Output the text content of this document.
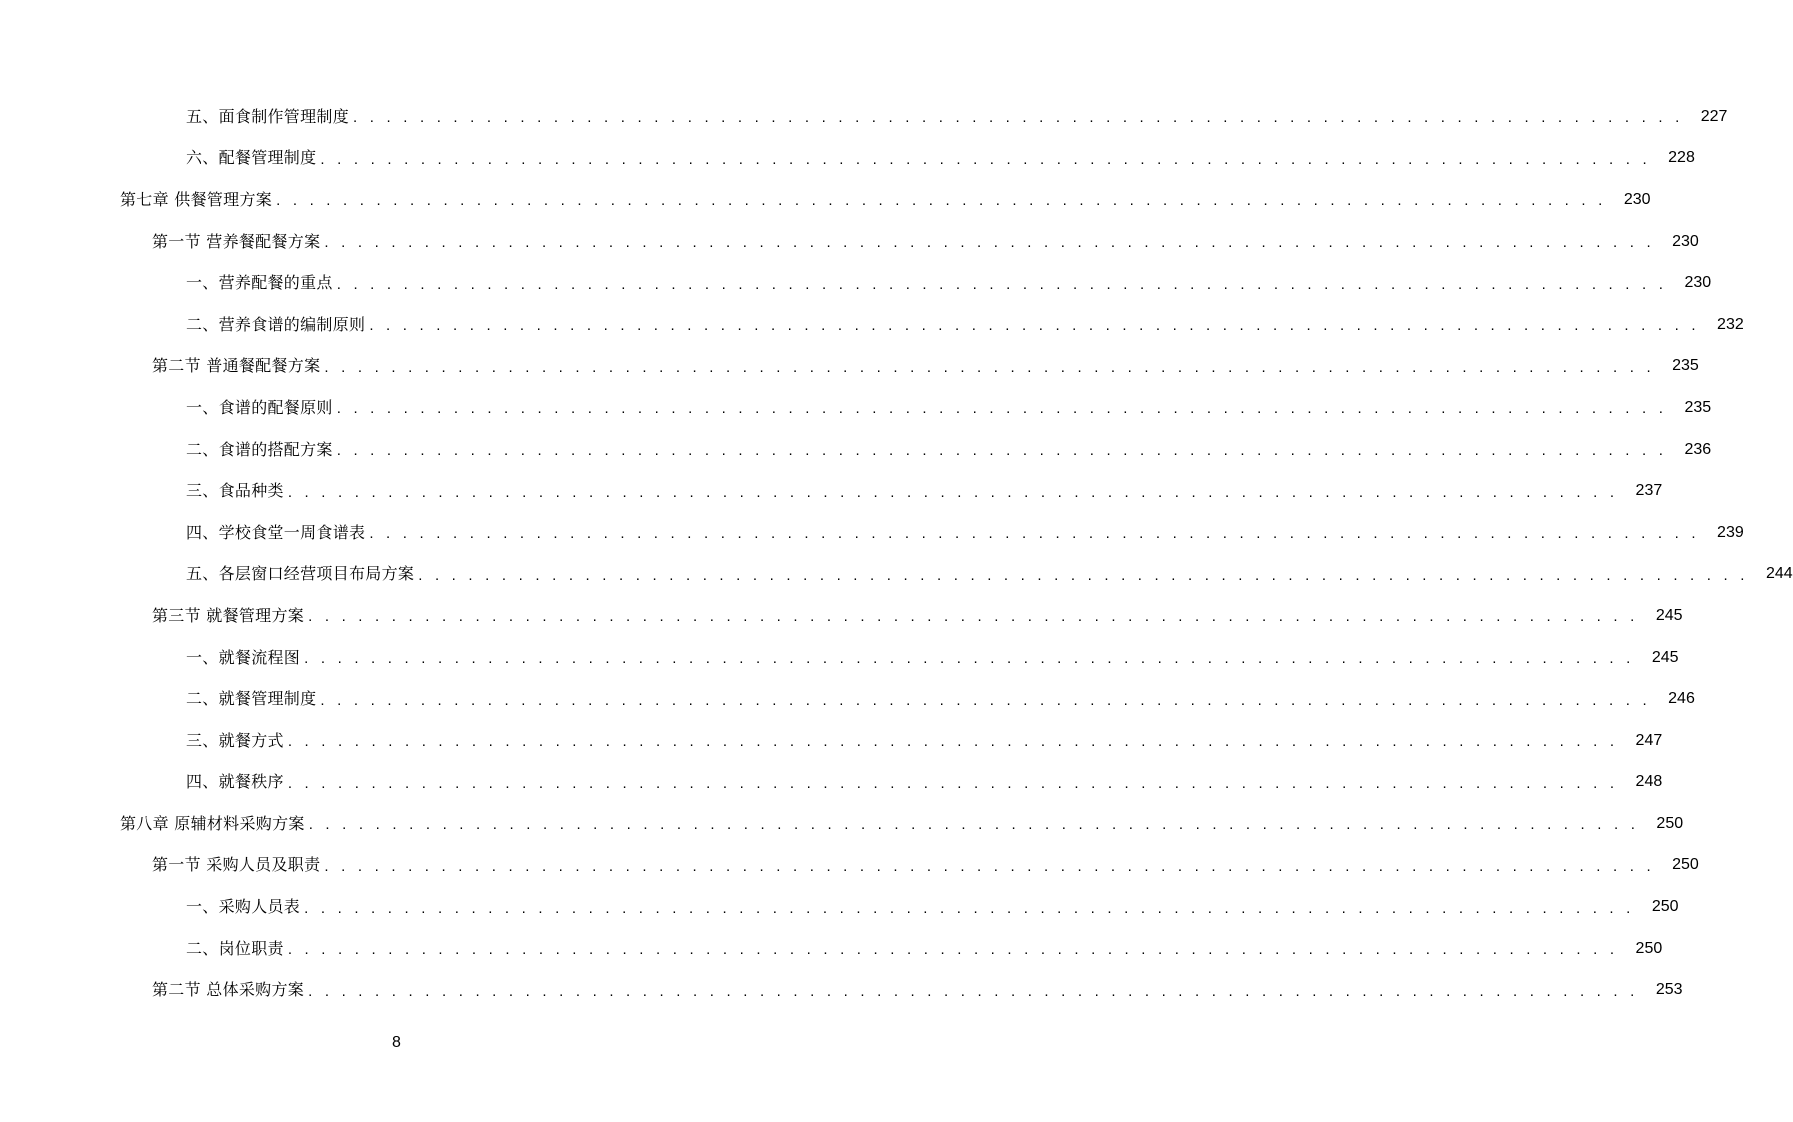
五、面食制作管理制度 . . . . . . . . . . . . . . . . . . . . . . . . . . . . . . . . . . . . . . . . . . . . . . . . . . . . . . . . . . . . . . . . . . . . . . . . . . . . . . . .	227
六、配餐管理制度 . . . . . . . . . . . . . . . . . . . . . . . . . . . . . . . . . . . . . . . . . . . . . . . . . . . . . . . . . . . . . . . . . . . . . . . . . . . . . . . .	228
第七章 供餐管理方案 . . . . . . . . . . . . . . . . . . . . . . . . . . . . . . . . . . . . . . . . . . . . . . . . . . . . . . . . . . . . . . . . . . . . . . . . . . . . . . . .	230
第一节 营养餐配餐方案 . . . . . . . . . . . . . . . . . . . . . . . . . . . . . . . . . . . . . . . . . . . . . . . . . . . . . . . . . . . . . . . . . . . . . . . . . . . . . . . .	230
一、营养配餐的重点 . . . . . . . . . . . . . . . . . . . . . . . . . . . . . . . . . . . . . . . . . . . . . . . . . . . . . . . . . . . . . . . . . . . . . . . . . . . . . . . .	230
二、营养食谱的编制原则 . . . . . . . . . . . . . . . . . . . . . . . . . . . . . . . . . . . . . . . . . . . . . . . . . . . . . . . . . . . . . . . . . . . . . . . . . . . . . . . .	232
第二节 普通餐配餐方案 . . . . . . . . . . . . . . . . . . . . . . . . . . . . . . . . . . . . . . . . . . . . . . . . . . . . . . . . . . . . . . . . . . . . . . . . . . . . . . . .	235
一、食谱的配餐原则 . . . . . . . . . . . . . . . . . . . . . . . . . . . . . . . . . . . . . . . . . . . . . . . . . . . . . . . . . . . . . . . . . . . . . . . . . . . . . . . .	235
二、食谱的搭配方案 . . . . . . . . . . . . . . . . . . . . . . . . . . . . . . . . . . . . . . . . . . . . . . . . . . . . . . . . . . . . . . . . . . . . . . . . . . . . . . . .	236
三、食品种类 . . . . . . . . . . . . . . . . . . . . . . . . . . . . . . . . . . . . . . . . . . . . . . . . . . . . . . . . . . . . . . . . . . . . . . . . . . . . . . . .	237
四、学校食堂一周食谱表 . . . . . . . . . . . . . . . . . . . . . . . . . . . . . . . . . . . . . . . . . . . . . . . . . . . . . . . . . . . . . . . . . . . . . . . . . . . . . . . .	239
五、各层窗口经营项目布局方案 . . . . . . . . . . . . . . . . . . . . . . . . . . . . . . . . . . . . . . . . . . . . . . . . . . . . . . . . . . . . . . . . . . . . . . . . . . . . . . . .	244
第三节 就餐管理方案 . . . . . . . . . . . . . . . . . . . . . . . . . . . . . . . . . . . . . . . . . . . . . . . . . . . . . . . . . . . . . . . . . . . . . . . . . . . . . . . .	245
一、就餐流程图 . . . . . . . . . . . . . . . . . . . . . . . . . . . . . . . . . . . . . . . . . . . . . . . . . . . . . . . . . . . . . . . . . . . . . . . . . . . . . . . .	245
二、就餐管理制度 . . . . . . . . . . . . . . . . . . . . . . . . . . . . . . . . . . . . . . . . . . . . . . . . . . . . . . . . . . . . . . . . . . . . . . . . . . . . . . . .	246
三、就餐方式 . . . . . . . . . . . . . . . . . . . . . . . . . . . . . . . . . . . . . . . . . . . . . . . . . . . . . . . . . . . . . . . . . . . . . . . . . . . . . . . .	247
四、就餐秩序 . . . . . . . . . . . . . . . . . . . . . . . . . . . . . . . . . . . . . . . . . . . . . . . . . . . . . . . . . . . . . . . . . . . . . . . . . . . . . . . .	248
第八章 原辅材料采购方案 . . . . . . . . . . . . . . . . . . . . . . . . . . . . . . . . . . . . . . . . . . . . . . . . . . . . . . . . . . . . . . . . . . . . . . . . . . . . . . . .	250
第一节 采购人员及职责 . . . . . . . . . . . . . . . . . . . . . . . . . . . . . . . . . . . . . . . . . . . . . . . . . . . . . . . . . . . . . . . . . . . . . . . . . . . . . . . .	250
一、采购人员表 . . . . . . . . . . . . . . . . . . . . . . . . . . . . . . . . . . . . . . . . . . . . . . . . . . . . . . . . . . . . . . . . . . . . . . . . . . . . . . . .	250
二、岗位职责 . . . . . . . . . . . . . . . . . . . . . . . . . . . . . . . . . . . . . . . . . . . . . . . . . . . . . . . . . . . . . . . . . . . . . . . . . . . . . . . .	250
第二节 总体采购方案 . . . . . . . . . . . . . . . . . . . . . . . . . . . . . . . . . . . . . . . . . . . . . . . . . . . . . . . . . . . . . . . . . . . . . . . . . . . . . . . .	253
8
